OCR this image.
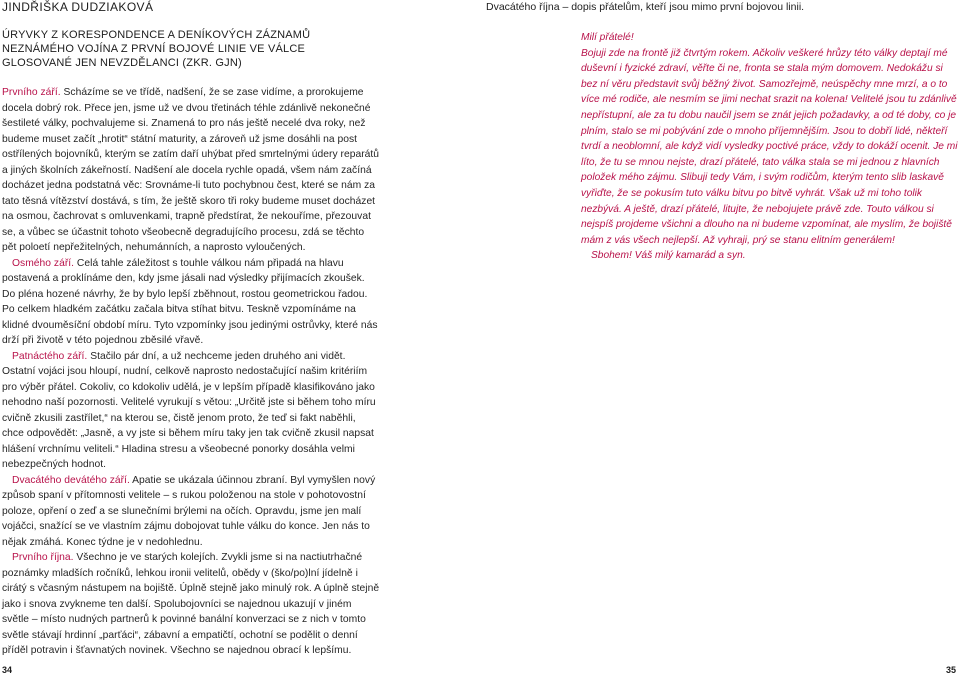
JINDŘIŠKA DUDZIAKOVÁ
ÚRYVKY Z KORESPONDENCE A DENÍKOVÝCH ZÁZNAMŮ
NEZNÁMÉHO VOJÍNA Z PRVNÍ BOJOVÉ LINIE VE VÁLCE
GLOSOVANÉ JEN NEVZDĚLANCI (ZKR. GJN)

Prvního září. Scházíme se ve třídě, nadšení, že se zase vidíme, a prorokujeme docela dobrý rok. Přece jen, jsme už ve dvou třetinách téhle zdánlivě nekonečné šestileté války, pochvalujeme si. Znamená to pro nás ještě necelé dva roky, než budeme muset začít „hrotit“ státní maturity, a zároveň už jsme dosáhli na post ostřílených bojovníků, kterým se zatím daří uhýbat před smrtelnými údery reparátů a jiných školních zákeřností. Nadšení ale docela rychle opadá, všem nám začíná docházet jedna podstatná věc: Srovnáme-li tuto pochybnou čest, které se nám za tato těsná vítězství dostává, s tím, že ještě skoro tři roky budeme muset docházet na osmou, čachrovat s omluvenkami, trapně předstírat, že nekouříme, přezouvat se, a vůbec se účastnit tohoto všeobecně degradujícího procesu, zdá se těchto pět poloetí nepřežitelných, nehumánních, a naprosto vyloučených.

Osmého září. Celá tahle záležitost s touhle válkou nám připadá na hlavu postavená a proklínáme den, kdy jsme jásali nad výsledky přijímacích zkoušek. Do pléna hozené návrhy, že by bylo lepší zběhnout, rostou geometrickou řadou. Po celkem hladkém začátku začala bitva stíhat bitvu. Teskně vzpomínáme na klidné dvouměsíční období míru. Tyto vzpomínky jsou jedinými ostrůvky, které nás drží při životě v této pojednou zběsilé vřavě.

Patnáctého září. Stačilo pár dní, a už nechceme jeden druhého ani vidět. Ostatní vojáci jsou hloupí, nudní, celkově naprosto nedostačující našim kritériím pro výběr přátel. Cokoliv, co kdokoliv udělá, je v lepším případě klasifikováno jako nehodno naší pozornosti. Velitelé vyrukují s větou: „Určitě jste si během toho míru cvičně zkusili zastřílet,“ na kterou se, čistě jenom proto, že teď si fakt naběhli, chce odpovědět: „Jasně, a vy jste si během míru taky jen tak cvičně zkusil napsat hlášení vrchnímu veliteli.“ Hladina stresu a všeobecné ponorky dosáhla velmi nebezpečných hodnot.

Dvacátého devátého září. Apatie se ukázala účinnou zbraní. Byl vymyšlen nový způsob spaní v přítomnosti velitele – s rukou položenou na stole v pohotovostní poloze, opření o zeď a se slunečními brýlemi na očích. Opravdu, jsme jen malí vojáčci, snažící se ve vlastním zájmu dobojovat tuhle válku do konce. Jen nás to nějak zmáhá. Konec týdne je v nedohlednu.

Prvního října. Všechno je ve starých kolejích. Zvykli jsme si na nactiutrhačné poznámky mladších ročníků, lehkou ironii velitelů, obědy v (ško/po)lní jídelně i cirátý s včasným nástupem na bojiště. Úplně stejně jako minulý rok. A úplně stejně jako i snova zvykneme ten další. Spolubojovníci se najednou ukazují v jiném světle – místo nudných partnerů k povinné banální konverzaci se z nich v tomto světle stávají hrdinní „parťáci“, zábavní a empatičtí, ochotní se podělit o denní příděl potravin i šťavnatých novinek. Všechno se najednou obrací k lepšímu.

34

Dvacátého října – dopis přátelům, kteří jsou mimo první bojovou linii.

Milí přátelé!

Bojuji zde na frontě již čtvrtým rokem. Ačkoliv veškeré hrůzy této války deptají mé duševní i fyzické zdraví, věřte či ne, fronta se stala mým domovem. Nedokážu si bez ní věru představit svůj běžný život. Samozřejmě, neúspěchy mne mrzí, a o to více mé rodiče, ale nesmím se jimi nechat srazit na kolena! Velitelé jsou tu zdánlivě nepřístupní, ale za tu dobu naučil jsem se znát jejich požadavky, a od té doby, co je plním, stalo se mi pobývání zde o mnoho příjemnějším. Jsou to dobří lidé, někteří tvrdí a neoblomní, ale když vidí vysledky poctivé práce, vždy to dokáží ocenit. Je mi líto, že tu se mnou nejste, drazí přátelé, tato válka stala se mi jednou z hlavních položek mého zájmu. Slibuji tedy Vám, i svým rodičům, kterým tento slib laskavě vyřiďte, že se pokusím tuto válku bitvu po bitvě vyhrát. Však už mi toho tolik nezbývá. A ještě, drazí přátelé, litujte, že nebojujete právě zde. Touto válkou si nejspíš projdeme všichni a dlouho na ni budeme vzpomínat, ale myslím, že bojiště mám z vás všech nejlepší. Až vyhraji, prý se stanu elitním generálem!

Sbohem! Váš milý kamarád a syn.

35
